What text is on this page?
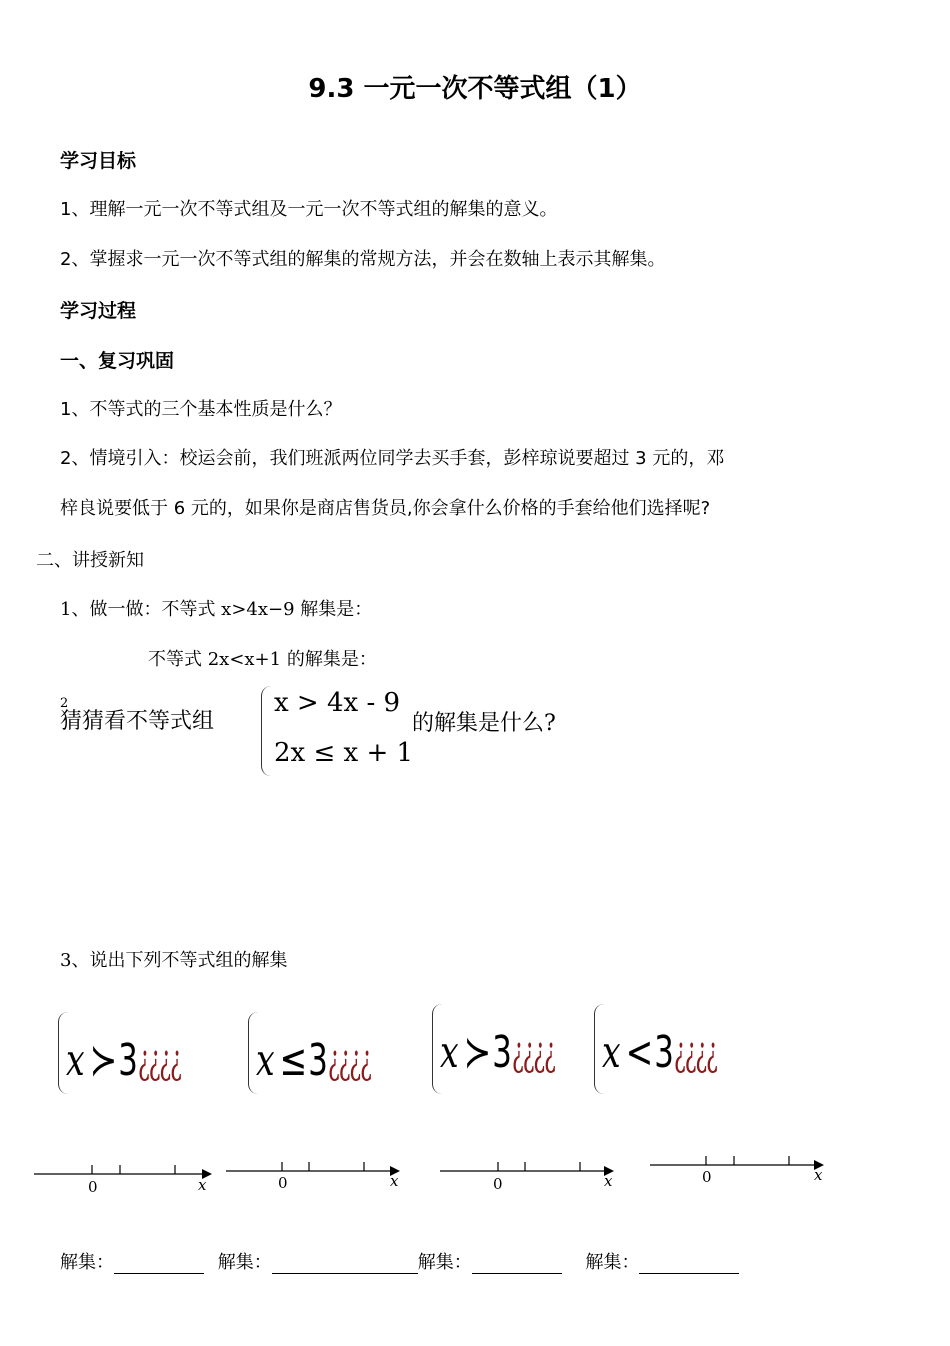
9.3 一元一次不等式组（1）
学习目标
1、理解一元一次不等式组及一元一次不等式组的解集的意义。
2、掌握求一元一次不等式组的解集的常规方法，并会在数轴上表示其解集。
学习过程
一、复习巩固
1、不等式的三个基本性质是什么？
2、情境引入：校运会前，我们班派两位同学去买手套，彭梓琼说要超过 3 元的，邓
梓良说要低于 6 元的，如果你是商店售货员,你会拿什么价格的手套给他们选择呢?
二、讲授新知
1、做一做：不等式 x>4x−9 解集是：
不等式 2x<x+1 的解集是：
2
猜猜看不等式组
x > 4x - 9
2x ≤ x + 1
的解集是什么?
3、说出下列不等式组的解集
x ≻ 3 ¿¿¿¿ x ≤ 3 ¿¿¿¿ x ≻ 3 ¿¿¿¿ x < 3 ¿¿¿¿
0	x	0	x	0	x	0	x
解集：	解集：	解集：	解集：
